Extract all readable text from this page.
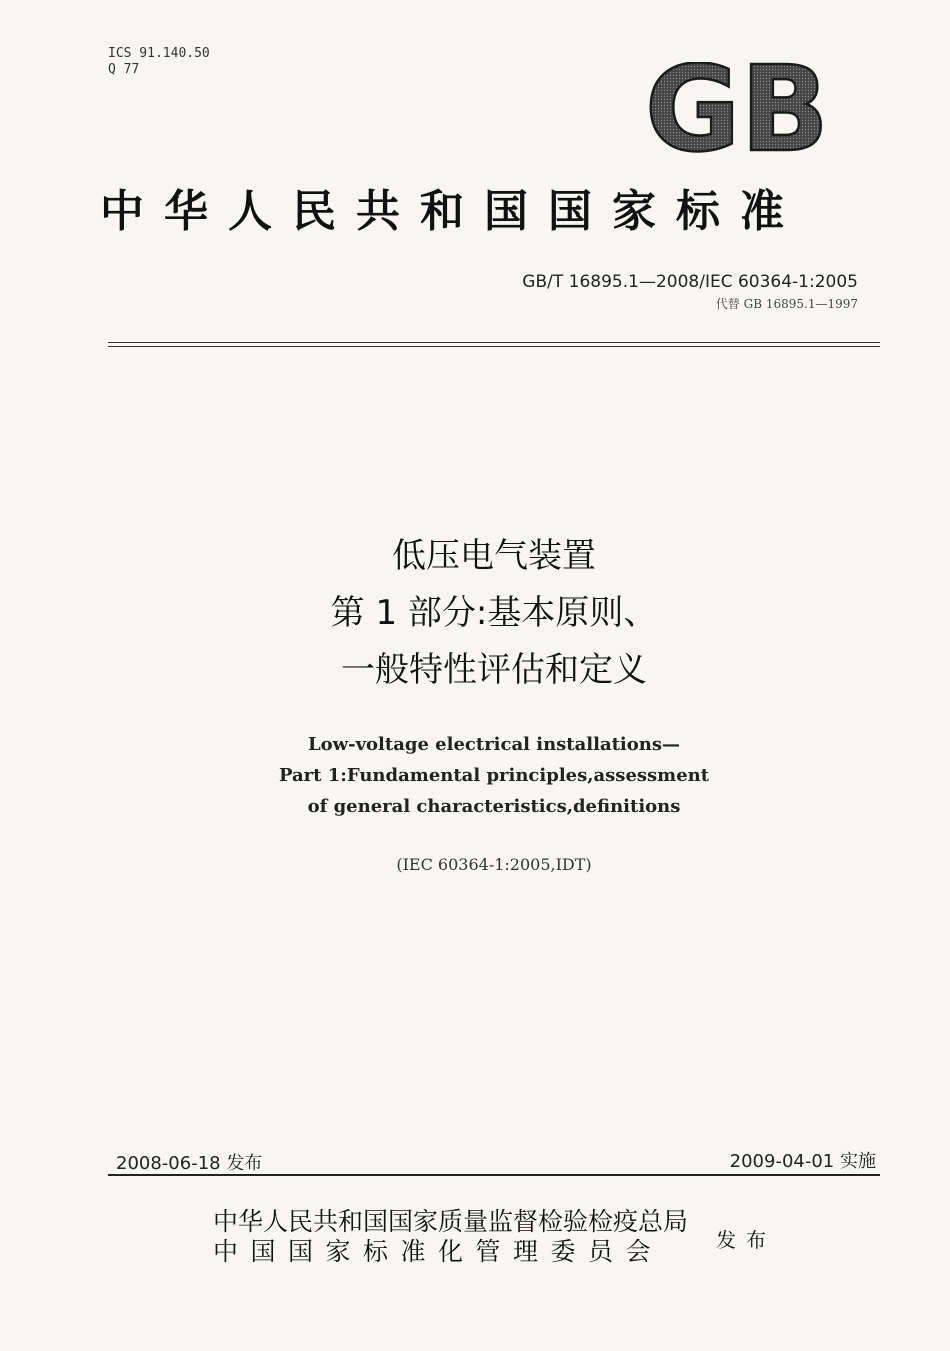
ICS 91.140.50
Q 77	GB
中华人民共和国国家标准
GB/T 16895.1—2008/IEC 60364-1:2005
代替 GB 16895.1—1997
低压电气装置
第 1 部分:基本原则、
一般特性评估和定义
Low-voltage electrical installations—
Part 1:Fundamental principles,assessment
of general characteristics,definitions
(IEC 60364-1:2005,IDT)
2008-06-18 发布	2009-04-01 实施
中华人民共和国国家质量监督检验检疫总局
中国国家标准化管理委员会	发布
